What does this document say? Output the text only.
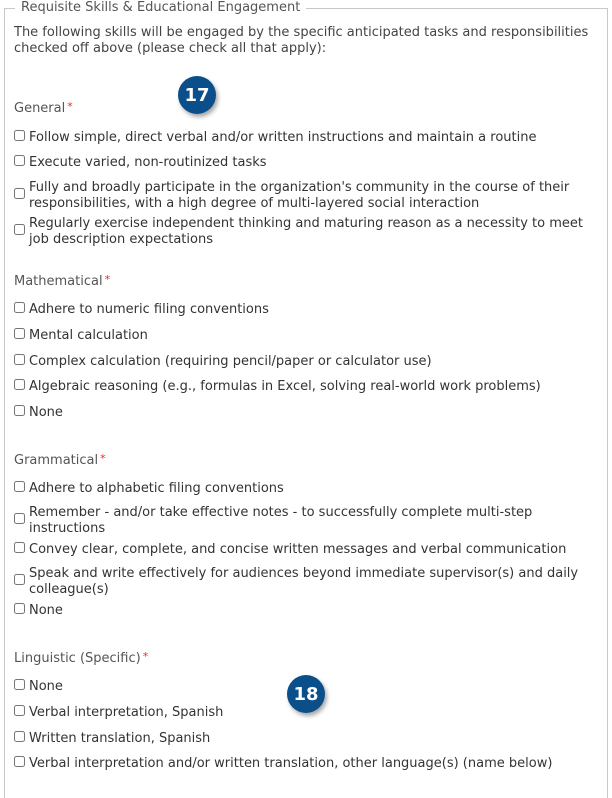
Requisite Skills & Educational Engagement
The following skills will be engaged by the specific anticipated tasks and responsibilities checked off above (please check all that apply):
General *
17
Follow simple, direct verbal and/or written instructions and maintain a routine
Execute varied, non-routinized tasks
Fully and broadly participate in the organization's community in the course of their responsibilities, with a high degree of multi-layered social interaction
Regularly exercise independent thinking and maturing reason as a necessity to meet job description expectations
Mathematical *
Adhere to numeric filing conventions
Mental calculation
Complex calculation (requiring pencil/paper or calculator use)
Algebraic reasoning (e.g., formulas in Excel, solving real-world work problems)
None
Grammatical *
Adhere to alphabetic filing conventions
Remember - and/or take effective notes - to successfully complete multi-step instructions
Convey clear, complete, and concise written messages and verbal communication
Speak and write effectively for audiences beyond immediate supervisor(s) and daily colleague(s)
None
Linguistic (Specific) *
18
None
Verbal interpretation, Spanish
Written translation, Spanish
Verbal interpretation and/or written translation, other language(s) (name below)
